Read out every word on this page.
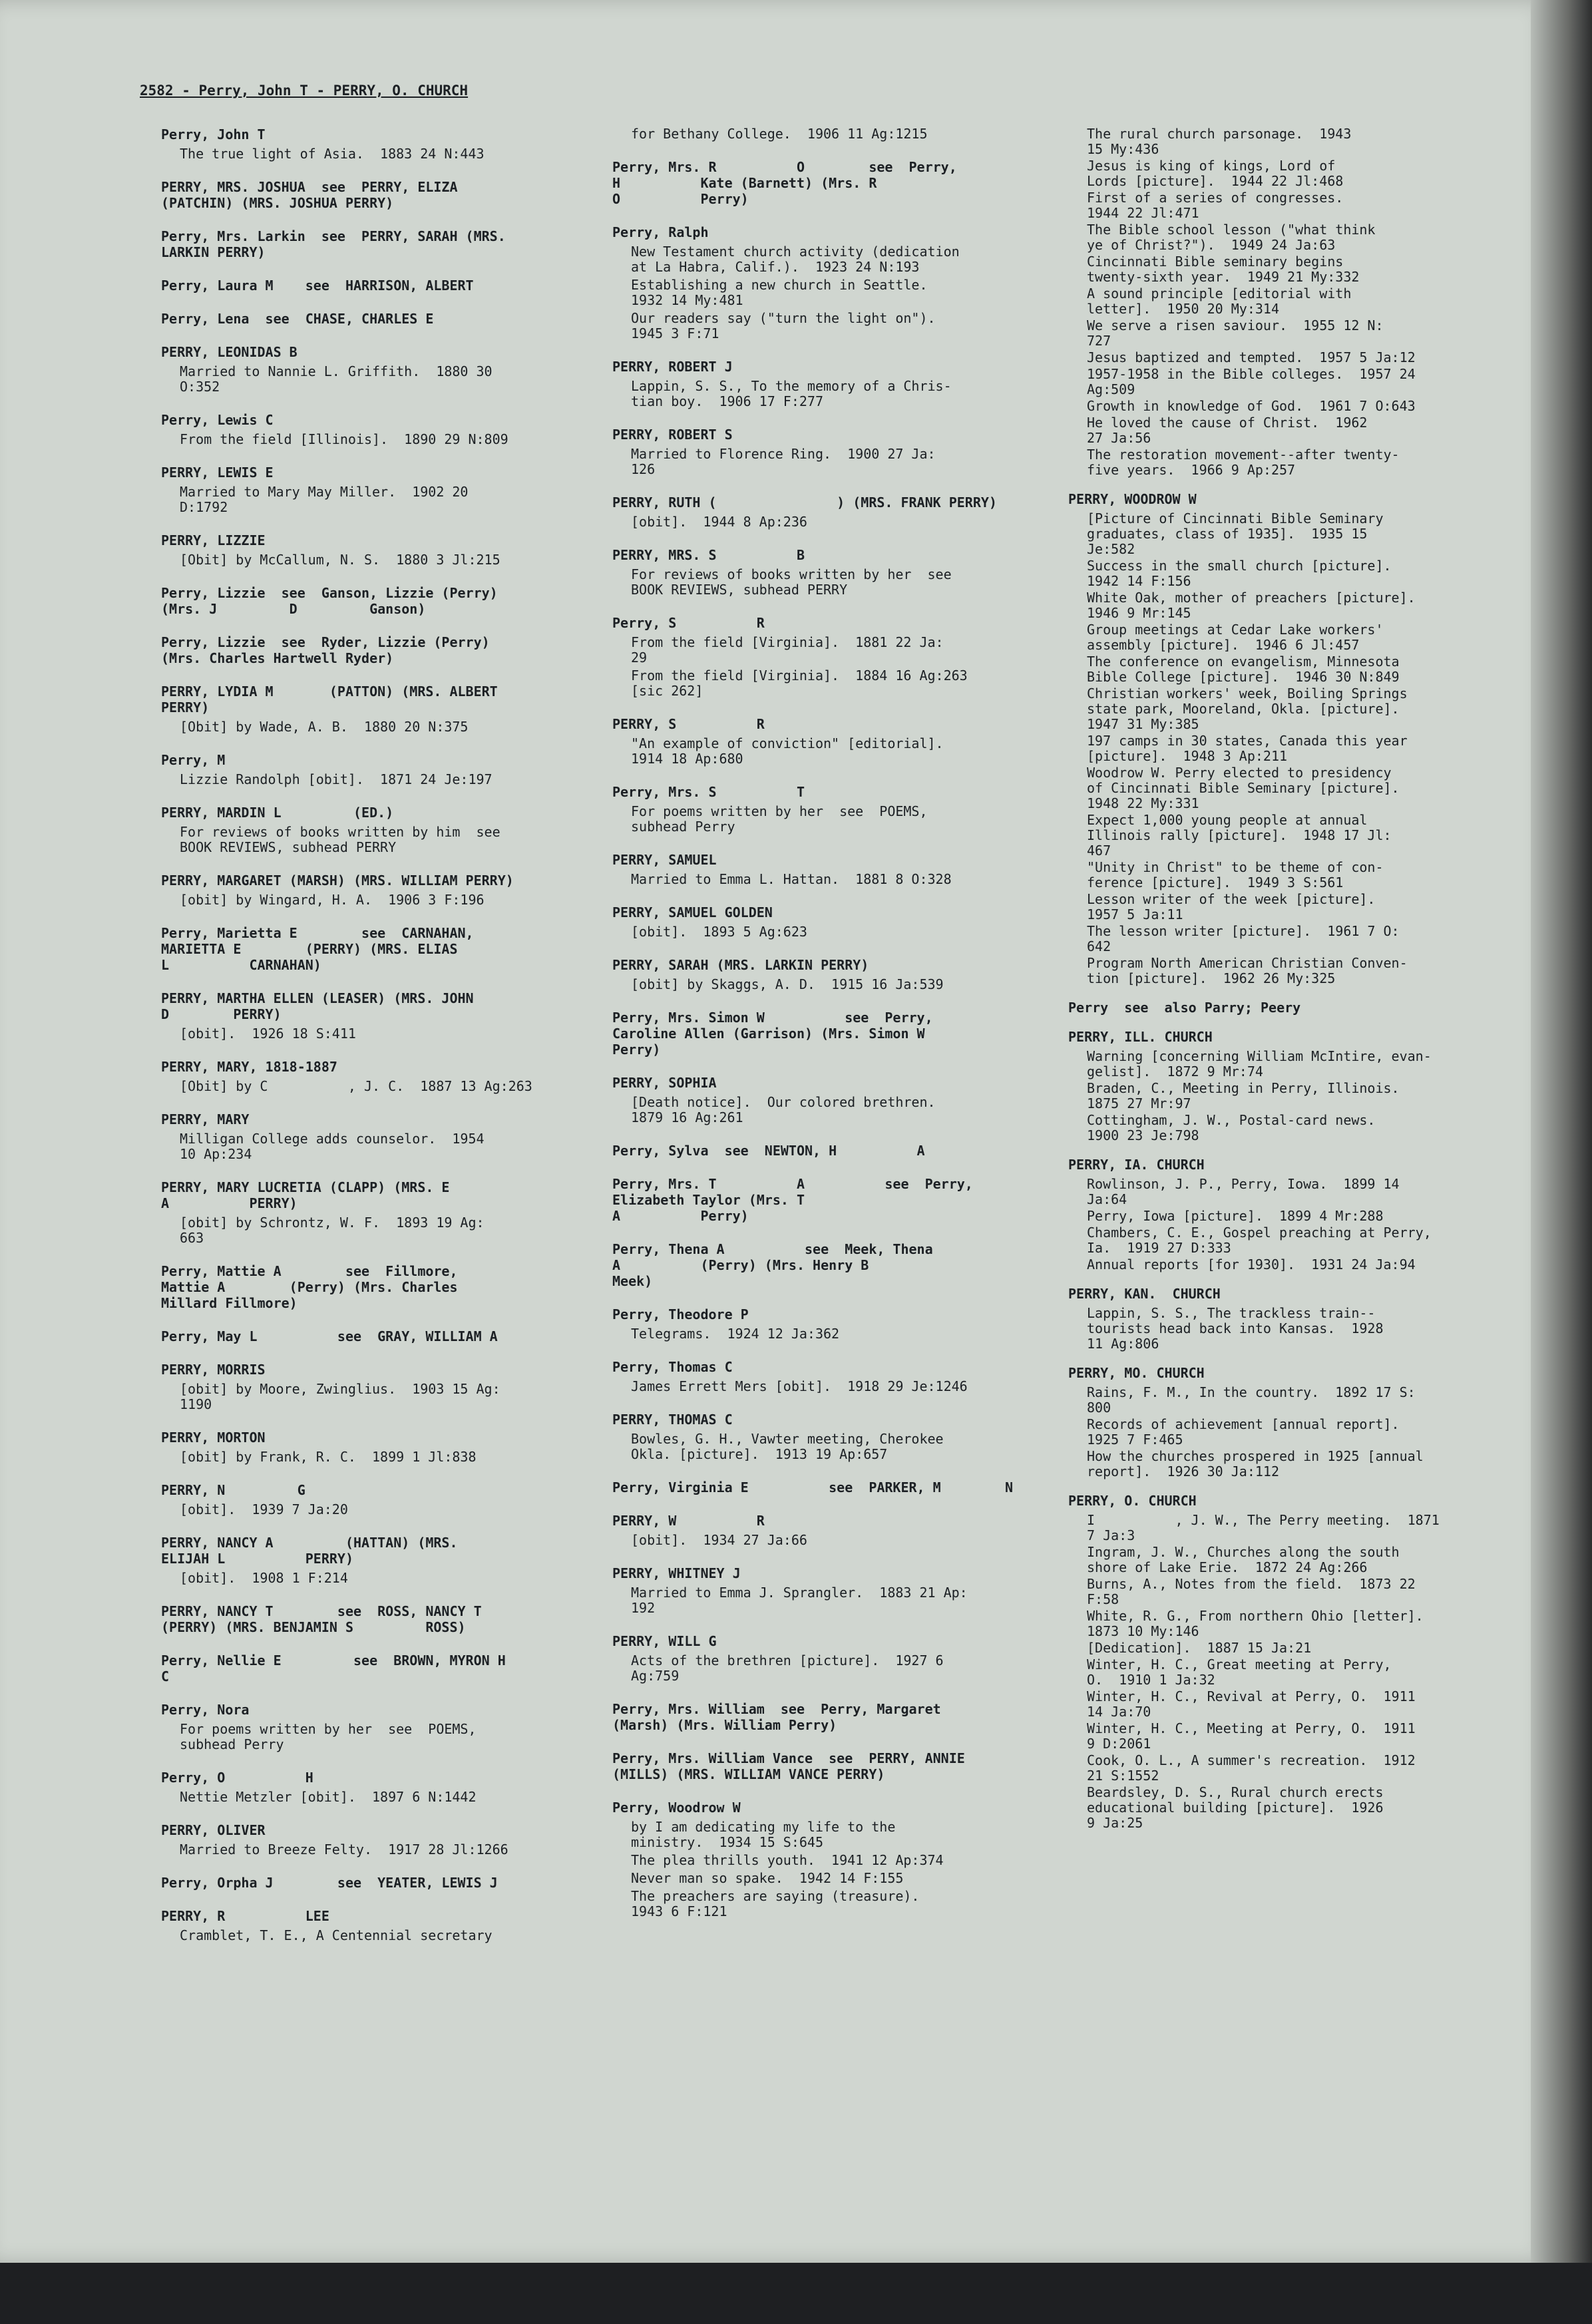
2582 - Perry, John T - PERRY, O. CHURCH
Perry, John T
The true light of Asia.  1883 24 N:443
PERRY, MRS. JOSHUA  see  PERRY, ELIZA
(PATCHIN) (MRS. JOSHUA PERRY)
Perry, Mrs. Larkin  see  PERRY, SARAH (MRS.
LARKIN PERRY)
Perry, Laura M    see  HARRISON, ALBERT
Perry, Lena  see  CHASE, CHARLES E
PERRY, LEONIDAS B
Married to Nannie L. Griffith.  1880 30
O:352
Perry, Lewis C
From the field [Illinois].  1890 29 N:809
PERRY, LEWIS E
Married to Mary May Miller.  1902 20
D:1792
PERRY, LIZZIE
[Obit] by McCallum, N. S.  1880 3 Jl:215
Perry, Lizzie  see  Ganson, Lizzie (Perry)
(Mrs. J         D         Ganson)
Perry, Lizzie  see  Ryder, Lizzie (Perry)
(Mrs. Charles Hartwell Ryder)
PERRY, LYDIA M       (PATTON) (MRS. ALBERT
PERRY)
[Obit] by Wade, A. B.  1880 20 N:375
Perry, M
Lizzie Randolph [obit].  1871 24 Je:197
PERRY, MARDIN L         (ED.)
For reviews of books written by him  see
BOOK REVIEWS, subhead PERRY
PERRY, MARGARET (MARSH) (MRS. WILLIAM PERRY)
[obit] by Wingard, H. A.  1906 3 F:196
Perry, Marietta E        see  CARNAHAN,
MARIETTA E        (PERRY) (MRS. ELIAS
L          CARNAHAN)
PERRY, MARTHA ELLEN (LEASER) (MRS. JOHN
D        PERRY)
[obit].  1926 18 S:411
PERRY, MARY, 1818-1887
[Obit] by C          , J. C.  1887 13 Ag:263
PERRY, MARY
Milligan College adds counselor.  1954
10 Ap:234
PERRY, MARY LUCRETIA (CLAPP) (MRS. E
A          PERRY)
[obit] by Schrontz, W. F.  1893 19 Ag:
663
Perry, Mattie A        see  Fillmore,
Mattie A        (Perry) (Mrs. Charles
Millard Fillmore)
Perry, May L          see  GRAY, WILLIAM A
PERRY, MORRIS
[obit] by Moore, Zwinglius.  1903 15 Ag:
1190
PERRY, MORTON
[obit] by Frank, R. C.  1899 1 Jl:838
PERRY, N         G
[obit].  1939 7 Ja:20
PERRY, NANCY A         (HATTAN) (MRS.
ELIJAH L          PERRY)
[obit].  1908 1 F:214
PERRY, NANCY T        see  ROSS, NANCY T
(PERRY) (MRS. BENJAMIN S         ROSS)
Perry, Nellie E         see  BROWN, MYRON H
C
Perry, Nora
For poems written by her  see  POEMS,
subhead Perry
Perry, O          H
Nettie Metzler [obit].  1897 6 N:1442
PERRY, OLIVER
Married to Breeze Felty.  1917 28 Jl:1266
Perry, Orpha J        see  YEATER, LEWIS J
PERRY, R          LEE
Cramblet, T. E., A Centennial secretary
for Bethany College.  1906 11 Ag:1215
Perry, Mrs. R          O        see  Perry,
H          Kate (Barnett) (Mrs. R
O          Perry)
Perry, Ralph
New Testament church activity (dedication
at La Habra, Calif.).  1923 24 N:193
Establishing a new church in Seattle.
1932 14 My:481
Our readers say ("turn the light on").
1945 3 F:71
PERRY, ROBERT J
Lappin, S. S., To the memory of a Chris-
tian boy.  1906 17 F:277
PERRY, ROBERT S
Married to Florence Ring.  1900 27 Ja:
126
PERRY, RUTH (               ) (MRS. FRANK PERRY)
[obit].  1944 8 Ap:236
PERRY, MRS. S          B
For reviews of books written by her  see
BOOK REVIEWS, subhead PERRY
Perry, S          R
From the field [Virginia].  1881 22 Ja:
29
From the field [Virginia].  1884 16 Ag:263
[sic 262]
PERRY, S          R
"An example of conviction" [editorial].
1914 18 Ap:680
Perry, Mrs. S          T
For poems written by her  see  POEMS,
subhead Perry
PERRY, SAMUEL
Married to Emma L. Hattan.  1881 8 O:328
PERRY, SAMUEL GOLDEN
[obit].  1893 5 Ag:623
PERRY, SARAH (MRS. LARKIN PERRY)
[obit] by Skaggs, A. D.  1915 16 Ja:539
Perry, Mrs. Simon W          see  Perry,
Caroline Allen (Garrison) (Mrs. Simon W
Perry)
PERRY, SOPHIA
[Death notice].  Our colored brethren.
1879 16 Ag:261
Perry, Sylva  see  NEWTON, H          A
Perry, Mrs. T          A          see  Perry,
Elizabeth Taylor (Mrs. T
A          Perry)
Perry, Thena A          see  Meek, Thena
A          (Perry) (Mrs. Henry B
Meek)
Perry, Theodore P
Telegrams.  1924 12 Ja:362
Perry, Thomas C
James Errett Mers [obit].  1918 29 Je:1246
PERRY, THOMAS C
Bowles, G. H., Vawter meeting, Cherokee
Okla. [picture].  1913 19 Ap:657
Perry, Virginia E          see  PARKER, M        N
PERRY, W          R
[obit].  1934 27 Ja:66
PERRY, WHITNEY J
Married to Emma J. Sprangler.  1883 21 Ap:
192
PERRY, WILL G
Acts of the brethren [picture].  1927 6
Ag:759
Perry, Mrs. William  see  Perry, Margaret
(Marsh) (Mrs. William Perry)
Perry, Mrs. William Vance  see  PERRY, ANNIE
(MILLS) (MRS. WILLIAM VANCE PERRY)
Perry, Woodrow W
by I am dedicating my life to the
ministry.  1934 15 S:645
The plea thrills youth.  1941 12 Ap:374
Never man so spake.  1942 14 F:155
The preachers are saying (treasure).
1943 6 F:121
The rural church parsonage.  1943
15 My:436
Jesus is king of kings, Lord of
Lords [picture].  1944 22 Jl:468
First of a series of congresses.
1944 22 Jl:471
The Bible school lesson ("what think
ye of Christ?").  1949 24 Ja:63
Cincinnati Bible seminary begins
twenty-sixth year.  1949 21 My:332
A sound principle [editorial with
letter].  1950 20 My:314
We serve a risen saviour.  1955 12 N:
727
Jesus baptized and tempted.  1957 5 Ja:12
1957-1958 in the Bible colleges.  1957 24
Ag:509
Growth in knowledge of God.  1961 7 O:643
He loved the cause of Christ.  1962
27 Ja:56
The restoration movement--after twenty-
five years.  1966 9 Ap:257
PERRY, WOODROW W
[Picture of Cincinnati Bible Seminary
graduates, class of 1935].  1935 15
Je:582
Success in the small church [picture].
1942 14 F:156
White Oak, mother of preachers [picture].
1946 9 Mr:145
Group meetings at Cedar Lake workers'
assembly [picture].  1946 6 Jl:457
The conference on evangelism, Minnesota
Bible College [picture].  1946 30 N:849
Christian workers' week, Boiling Springs
state park, Mooreland, Okla. [picture].
1947 31 My:385
197 camps in 30 states, Canada this year
[picture].  1948 3 Ap:211
Woodrow W. Perry elected to presidency
of Cincinnati Bible Seminary [picture].
1948 22 My:331
Expect 1,000 young people at annual
Illinois rally [picture].  1948 17 Jl:
467
"Unity in Christ" to be theme of con-
ference [picture].  1949 3 S:561
Lesson writer of the week [picture].
1957 5 Ja:11
The lesson writer [picture].  1961 7 O:
642
Program North American Christian Conven-
tion [picture].  1962 26 My:325
Perry  see  also Parry; Peery
PERRY, ILL. CHURCH
Warning [concerning William McIntire, evan-
gelist].  1872 9 Mr:74
Braden, C., Meeting in Perry, Illinois.
1875 27 Mr:97
Cottingham, J. W., Postal-card news.
1900 23 Je:798
PERRY, IA. CHURCH
Rowlinson, J. P., Perry, Iowa.  1899 14
Ja:64
Perry, Iowa [picture].  1899 4 Mr:288
Chambers, C. E., Gospel preaching at Perry,
Ia.  1919 27 D:333
Annual reports [for 1930].  1931 24 Ja:94
PERRY, KAN.  CHURCH
Lappin, S. S., The trackless train--
tourists head back into Kansas.  1928
11 Ag:806
PERRY, MO. CHURCH
Rains, F. M., In the country.  1892 17 S:
800
Records of achievement [annual report].
1925 7 F:465
How the churches prospered in 1925 [annual
report].  1926 30 Ja:112
PERRY, O. CHURCH
I          , J. W., The Perry meeting.  1871
7 Ja:3
Ingram, J. W., Churches along the south
shore of Lake Erie.  1872 24 Ag:266
Burns, A., Notes from the field.  1873 22
F:58
White, R. G., From northern Ohio [letter].
1873 10 My:146
[Dedication].  1887 15 Ja:21
Winter, H. C., Great meeting at Perry,
O.  1910 1 Ja:32
Winter, H. C., Revival at Perry, O.  1911
14 Ja:70
Winter, H. C., Meeting at Perry, O.  1911
9 D:2061
Cook, O. L., A summer's recreation.  1912
21 S:1552
Beardsley, D. S., Rural church erects
educational building [picture].  1926
9 Ja:25
